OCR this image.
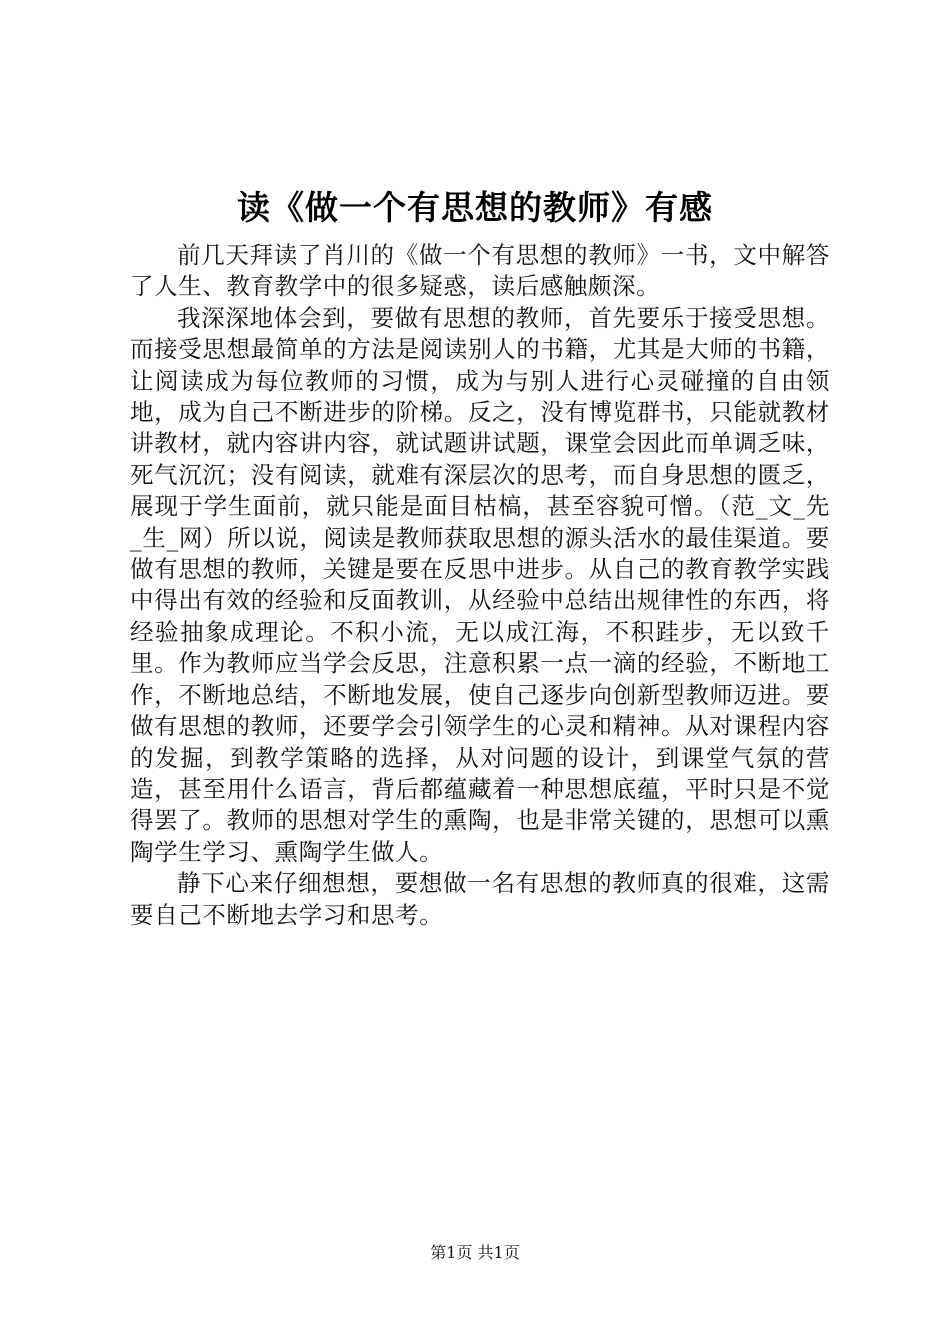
读《做一个有思想的教师》有感

前几天拜读了肖川的《做一个有思想的教师》一书，文中解答了人生、教育教学中的很多疑惑，读后感触颇深。

我深深地体会到，要做有思想的教师，首先要乐于接受思想。而接受思想最简单的方法是阅读别人的书籍，尤其是大师的书籍，让阅读成为每位教师的习惯，成为与别人进行心灵碰撞的自由领地，成为自己不断进步的阶梯。反之，没有博览群书，只能就教材讲教材，就内容讲内容，就试题讲试题，课堂会因此而单调乏味，死气沉沉；没有阅读，就难有深层次的思考，而自身思想的匮乏，展现于学生面前，就只能是面目枯槁，甚至容貌可憎。（范_文_先_生_网）所以说，阅读是教师获取思想的源头活水的最佳渠道。要做有思想的教师，关键是要在反思中进步。从自己的教育教学实践中得出有效的经验和反面教训，从经验中总结出规律性的东西，将经验抽象成理论。不积小流，无以成江海，不积跬步，无以致千里。作为教师应当学会反思，注意积累一点一滴的经验，不断地工作，不断地总结，不断地发展，使自己逐步向创新型教师迈进。要做有思想的教师，还要学会引领学生的心灵和精神。从对课程内容的发掘，到教学策略的选择，从对问题的设计，到课堂气氛的营造，甚至用什么语言，背后都蕴藏着一种思想底蕴，平时只是不觉得罢了。教师的思想对学生的熏陶，也是非常关键的，思想可以熏陶学生学习、熏陶学生做人。

静下心来仔细想想，要想做一名有思想的教师真的很难，这需要自己不断地去学习和思考。

第1页 共1页
